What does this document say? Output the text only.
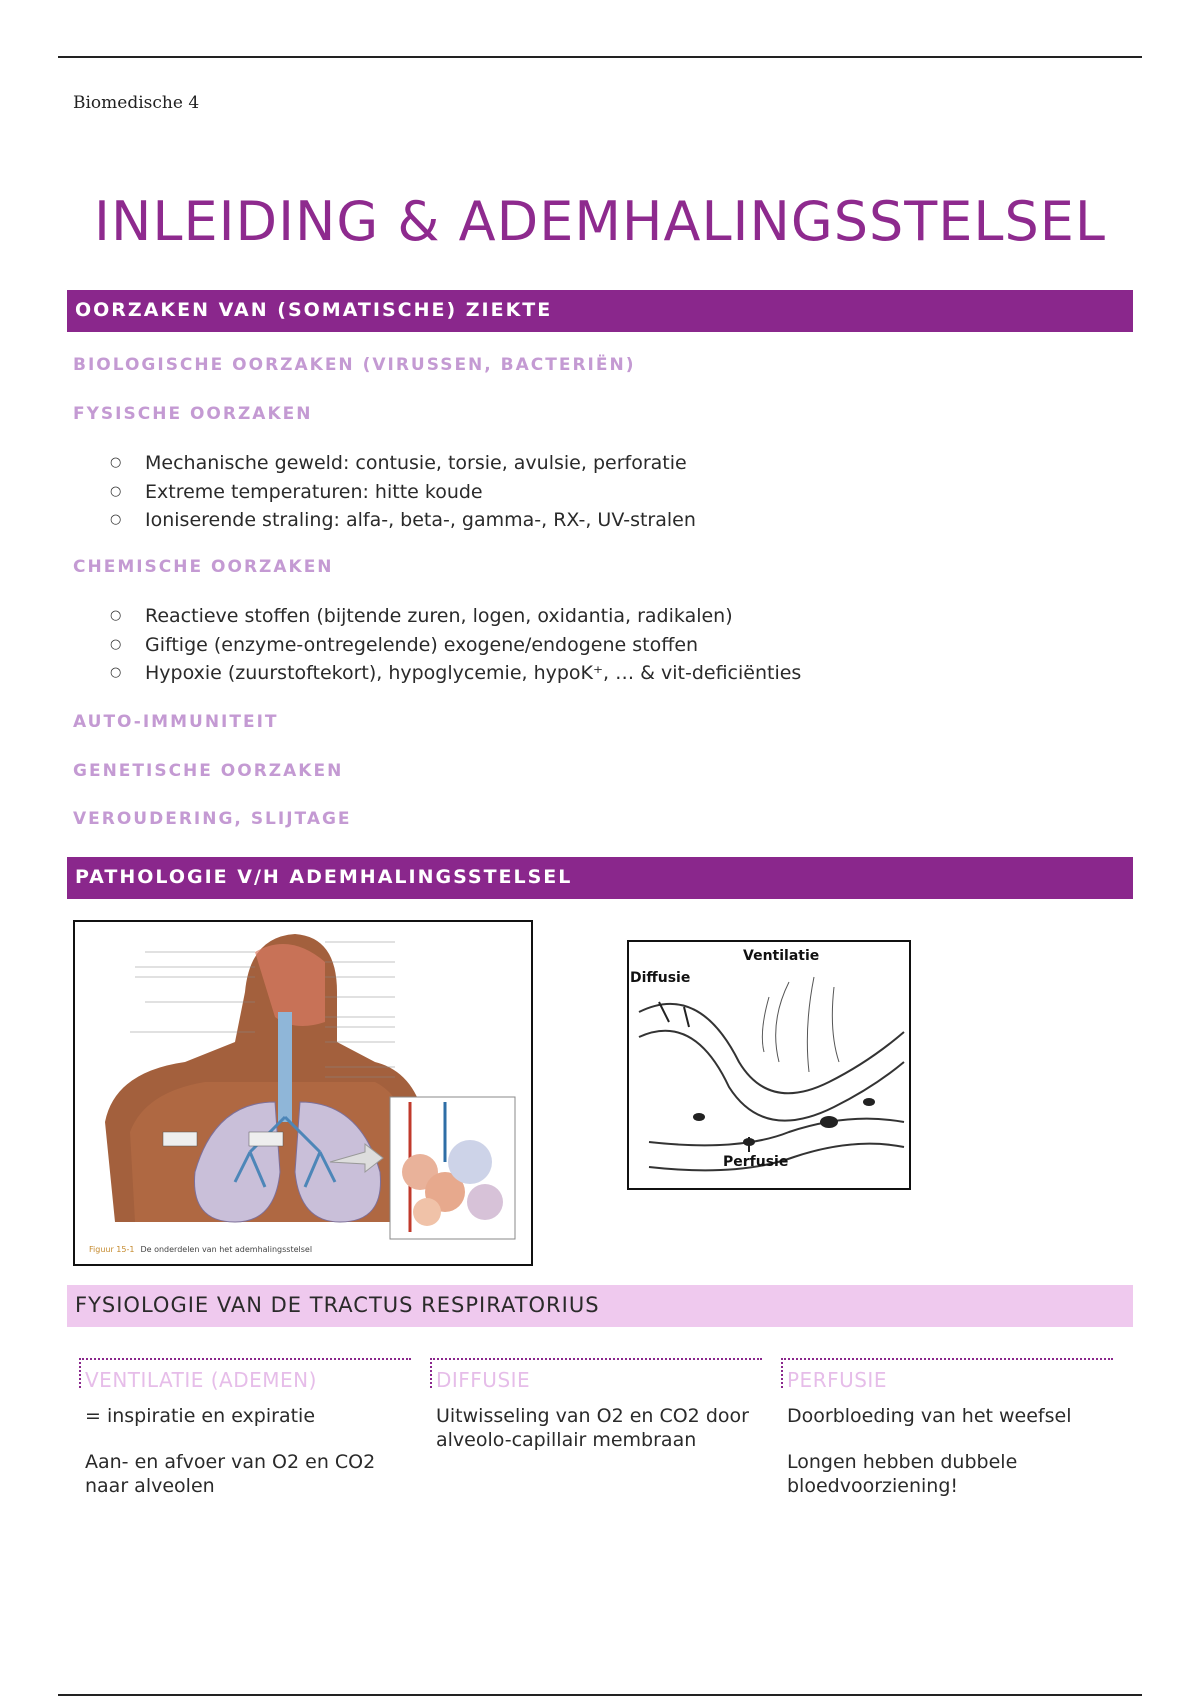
Biomedische 4
INLEIDING & ADEMHALINGSSTELSEL
OORZAKEN VAN (SOMATISCHE) ZIEKTE
BIOLOGISCHE OORZAKEN (VIRUSSEN, BACTERIËN)
FYSISCHE OORZAKEN
○ Mechanische geweld: contusie, torsie, avulsie, perforatie
○ Extreme temperaturen: hitte koude
○ Ioniserende straling: alfa-, beta-, gamma-, RX-, UV-stralen
CHEMISCHE OORZAKEN
○ Reactieve stoffen (bijtende zuren, logen, oxidantia, radikalen)
○ Giftige (enzyme-ontregelende) exogene/endogene stoffen
○ Hypoxie (zuurstoftekort), hypoglycemie, hypoK⁺, … & vit-deficiënties
AUTO-IMMUNITEIT
GENETISCHE OORZAKEN
VEROUDERING, SLIJTAGE
PATHOLOGIE V/H ADEMHALINGSSTELSEL
Figuur 15-1 De onderdelen van het ademhalingsstelsel
Ventilatie
Diffusie
Perfusie
FYSIOLOGIE VAN DE TRACTUS RESPIRATORIUS
VENTILATIE (ADEMEN)

= inspiratie en expiratie

Aan- en afvoer van O2 en CO2 naar alveolen

DIFFUSIE

Uitwisseling van O2 en CO2 door alveolo-capillair membraan

PERFUSIE

Doorbloeding van het weefsel

Longen hebben dubbele bloedvoorziening!
